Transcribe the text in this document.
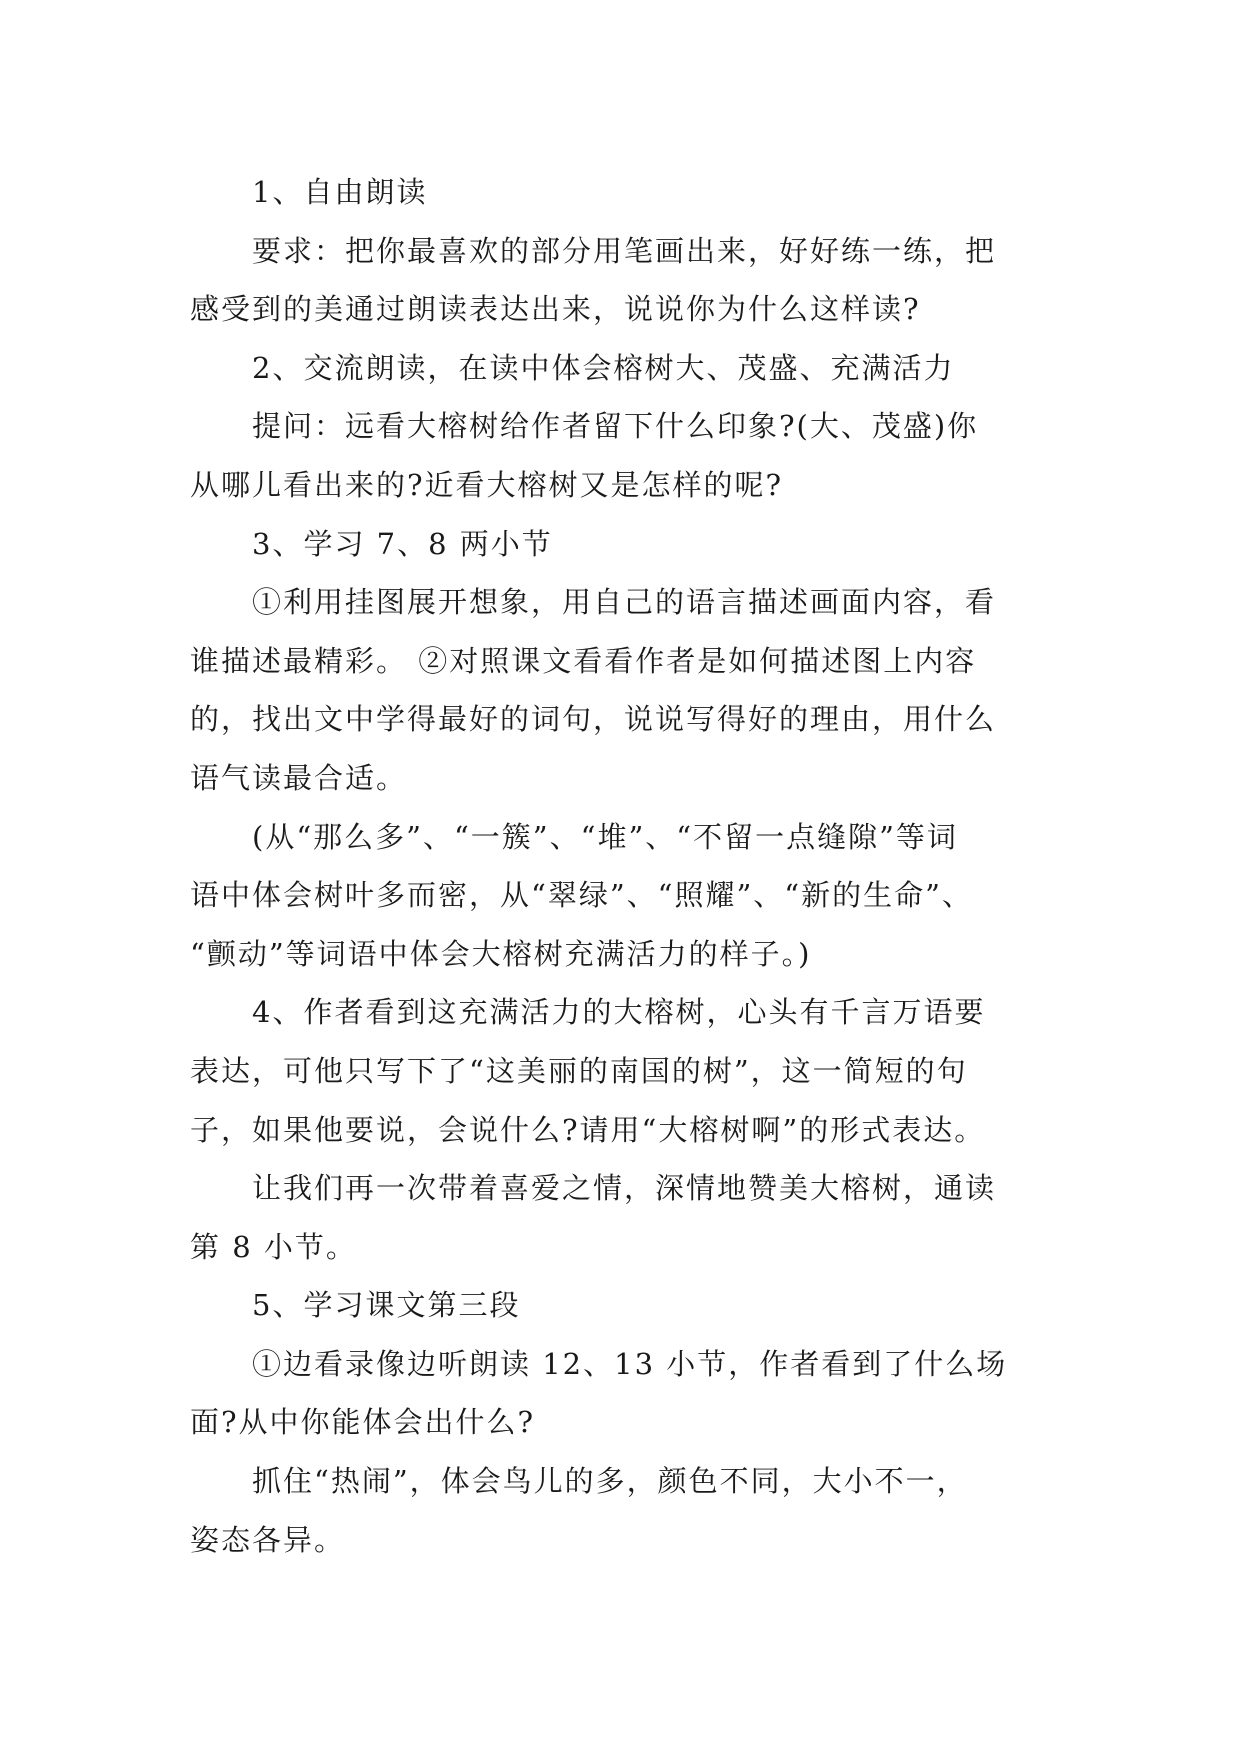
1、自由朗读
要求：把你最喜欢的部分用笔画出来，好好练一练，把
感受到的美通过朗读表达出来，说说你为什么这样读?
2、交流朗读，在读中体会榕树大、茂盛、充满活力
提问：远看大榕树给作者留下什么印象?(大、茂盛)你
从哪儿看出来的?近看大榕树又是怎样的呢?
3、学习 7、8 两小节
①利用挂图展开想象，用自己的语言描述画面内容，看
谁描述最精彩。 ②对照课文看看作者是如何描述图上内容
的，找出文中学得最好的词句，说说写得好的理由，用什么
语气读最合适。
(从“那么多”、“一簇”、“堆”、“不留一点缝隙”等词
语中体会树叶多而密，从“翠绿”、“照耀”、“新的生命”、
“颤动”等词语中体会大榕树充满活力的样子。)
4、作者看到这充满活力的大榕树，心头有千言万语要
表达，可他只写下了“这美丽的南国的树”，这一简短的句
子，如果他要说，会说什么?请用“大榕树啊”的形式表达。
让我们再一次带着喜爱之情，深情地赞美大榕树，通读
第 8 小节。
5、学习课文第三段
①边看录像边听朗读 12、13 小节，作者看到了什么场
面?从中你能体会出什么?
抓住“热闹”，体会鸟儿的多，颜色不同，大小不一，
姿态各异。
